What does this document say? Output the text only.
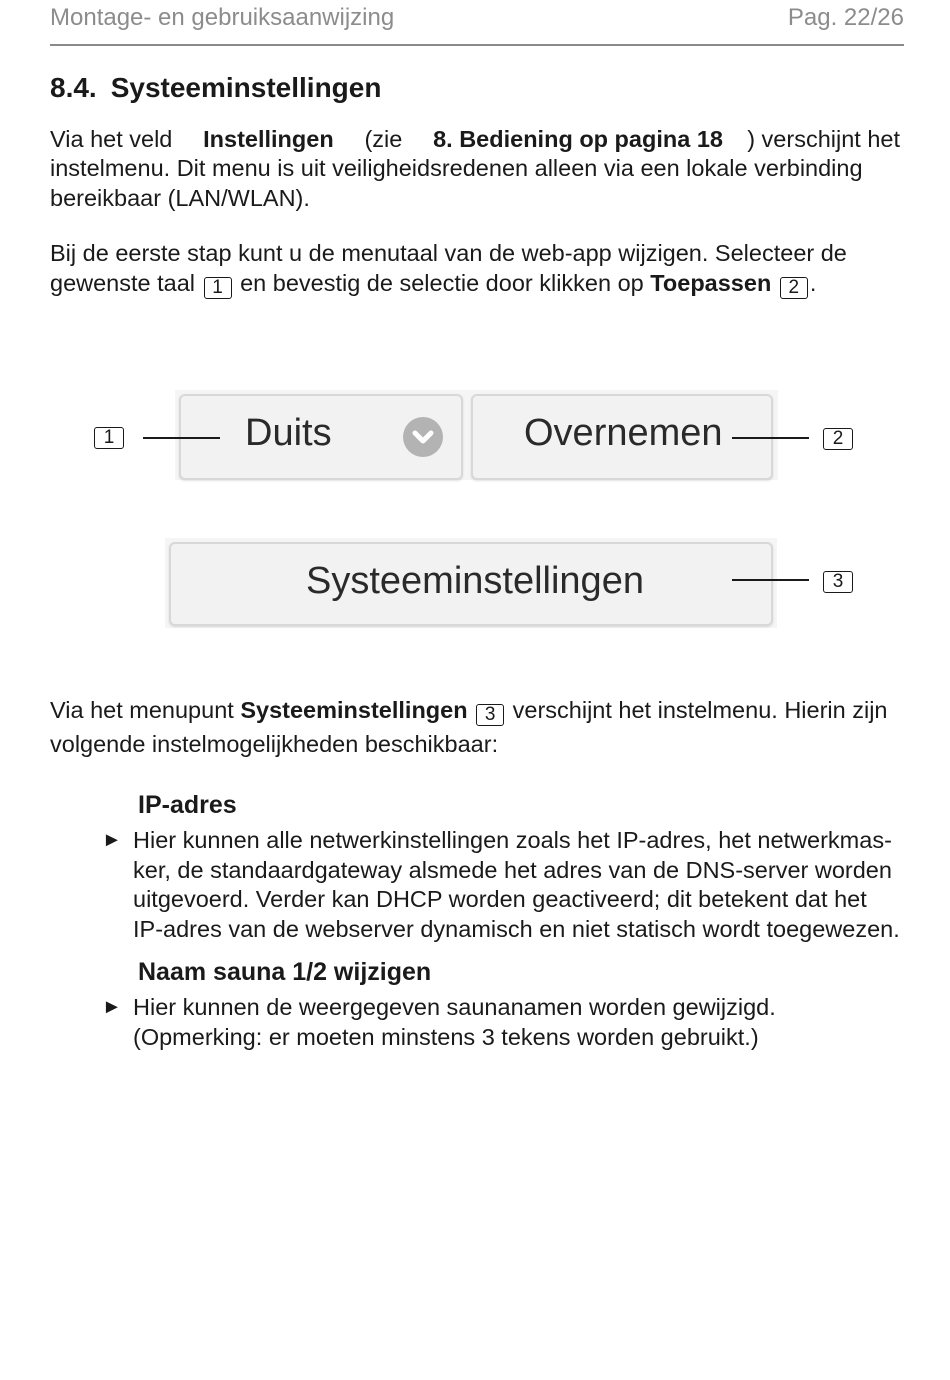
Montage- en gebruiksaanwijzing	Pag. 22/26
8.4. Systeeminstellingen
Via het veld Instellingen (zie 8. Bediening op pagina 18 ) verschijnt het
instelmenu. Dit menu is uit veiligheidsredenen alleen via een lokale verbinding
bereikbaar (LAN/WLAN).
Bij de eerste stap kunt u de menutaal van de web-app wijzigen. Selecteer de
gewenste taal 1 en bevestig de selectie door klikken op Toepassen 2 .
Duits	Overnemen
Systeeminstellingen
1	2
3
Via het menupunt Systeeminstellingen 3 verschijnt het instelmenu. Hierin zijn
volgende instelmogelijkheden beschikbaar:
IP-adres
► Hier kunnen alle netwerkinstellingen zoals het IP-adres, het netwerkmas-
ker, de standaardgateway alsmede het adres van de DNS-server worden
uitgevoerd. Verder kan DHCP worden geactiveerd; dit betekent dat het
IP-adres van de webserver dynamisch en niet statisch wordt toegewezen.
Naam sauna 1/2 wijzigen
► Hier kunnen de weergegeven saunanamen worden gewijzigd.
(Opmerking: er moeten minstens 3 tekens worden gebruikt.)
